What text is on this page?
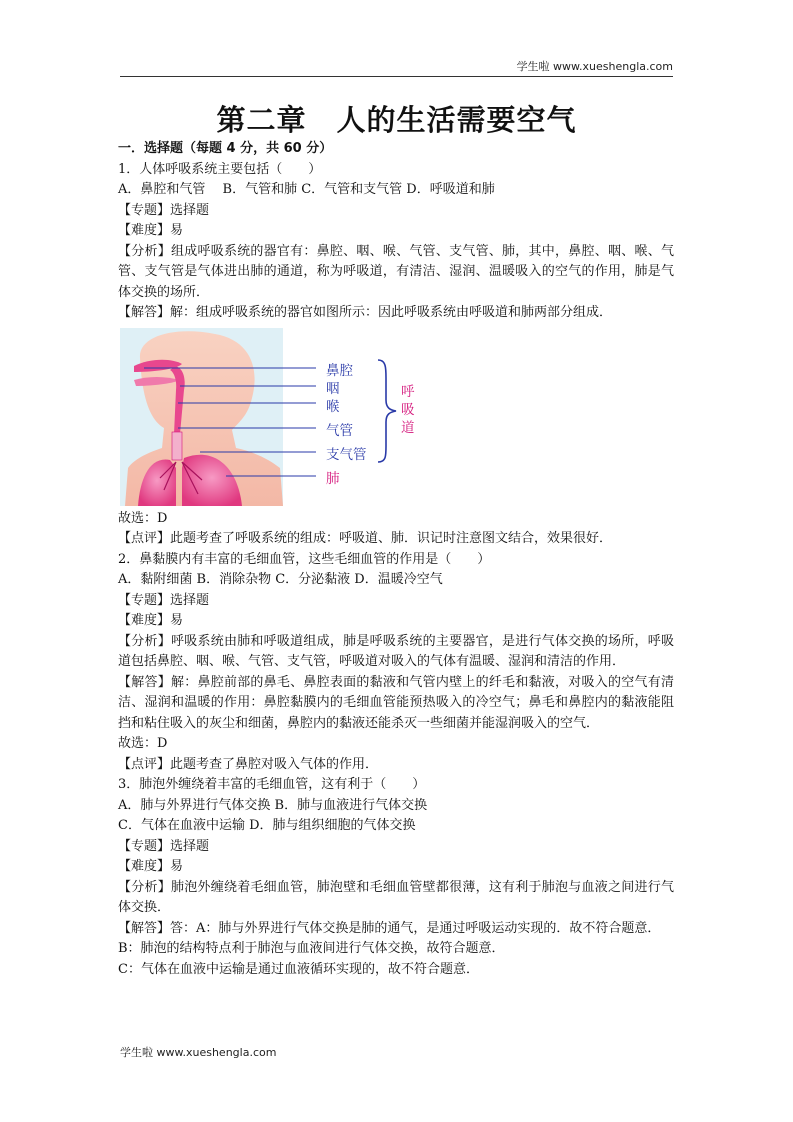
学生啦 www.xueshengla.com
第二章　人的生活需要空气

一．选择题（每题 4 分，共 60 分）

1．人体呼吸系统主要包括（　　）

A．鼻腔和气管　 B．气管和肺 C．气管和支气管 D．呼吸道和肺

【专题】选择题

【难度】易

【分析】组成呼吸系统的器官有：鼻腔、咽、喉、气管、支气管、肺，其中，鼻腔、咽、喉、气管、支气管是气体进出肺的通道，称为呼吸道，有清洁、湿润、温暖吸入的空气的作用，肺是气体交换的场所．

【解答】解：组成呼吸系统的器官如图所示：因此呼吸系统由呼吸道和肺两部分组成．

鼻腔
咽
喉
气管
支气管
肺
呼吸道

故选：D

【点评】此题考查了呼吸系统的组成：呼吸道、肺．识记时注意图文结合，效果很好．

2．鼻黏膜内有丰富的毛细血管，这些毛细血管的作用是（　　）

A．黏附细菌 B．消除杂物 C．分泌黏液 D．温暖冷空气

【专题】选择题

【难度】易

【分析】呼吸系统由肺和呼吸道组成，肺是呼吸系统的主要器官，是进行气体交换的场所，呼吸道包括鼻腔、咽、喉、气管、支气管，呼吸道对吸入的气体有温暖、湿润和清洁的作用．

【解答】解：鼻腔前部的鼻毛、鼻腔表面的黏液和气管内壁上的纤毛和黏液，对吸入的空气有清洁、湿润和温暖的作用：鼻腔黏膜内的毛细血管能预热吸入的冷空气；鼻毛和鼻腔内的黏液能阻挡和粘住吸入的灰尘和细菌，鼻腔内的黏液还能杀灭一些细菌并能湿润吸入的空气．

故选：D

【点评】此题考查了鼻腔对吸入气体的作用．

3．肺泡外缠绕着丰富的毛细血管，这有利于（　　）

A．肺与外界进行气体交换 B．肺与血液进行气体交换

C．气体在血液中运输 D．肺与组织细胞的气体交换

【专题】选择题

【难度】易

【分析】肺泡外缠绕着毛细血管，肺泡壁和毛细血管壁都很薄，这有利于肺泡与血液之间进行气体交换．

【解答】答：A：肺与外界进行气体交换是肺的通气，是通过呼吸运动实现的．故不符合题意．

B：肺泡的结构特点利于肺泡与血液间进行气体交换，故符合题意．

C：气体在血液中运输是通过血液循环实现的，故不符合题意．

学生啦 www.xueshengla.com
